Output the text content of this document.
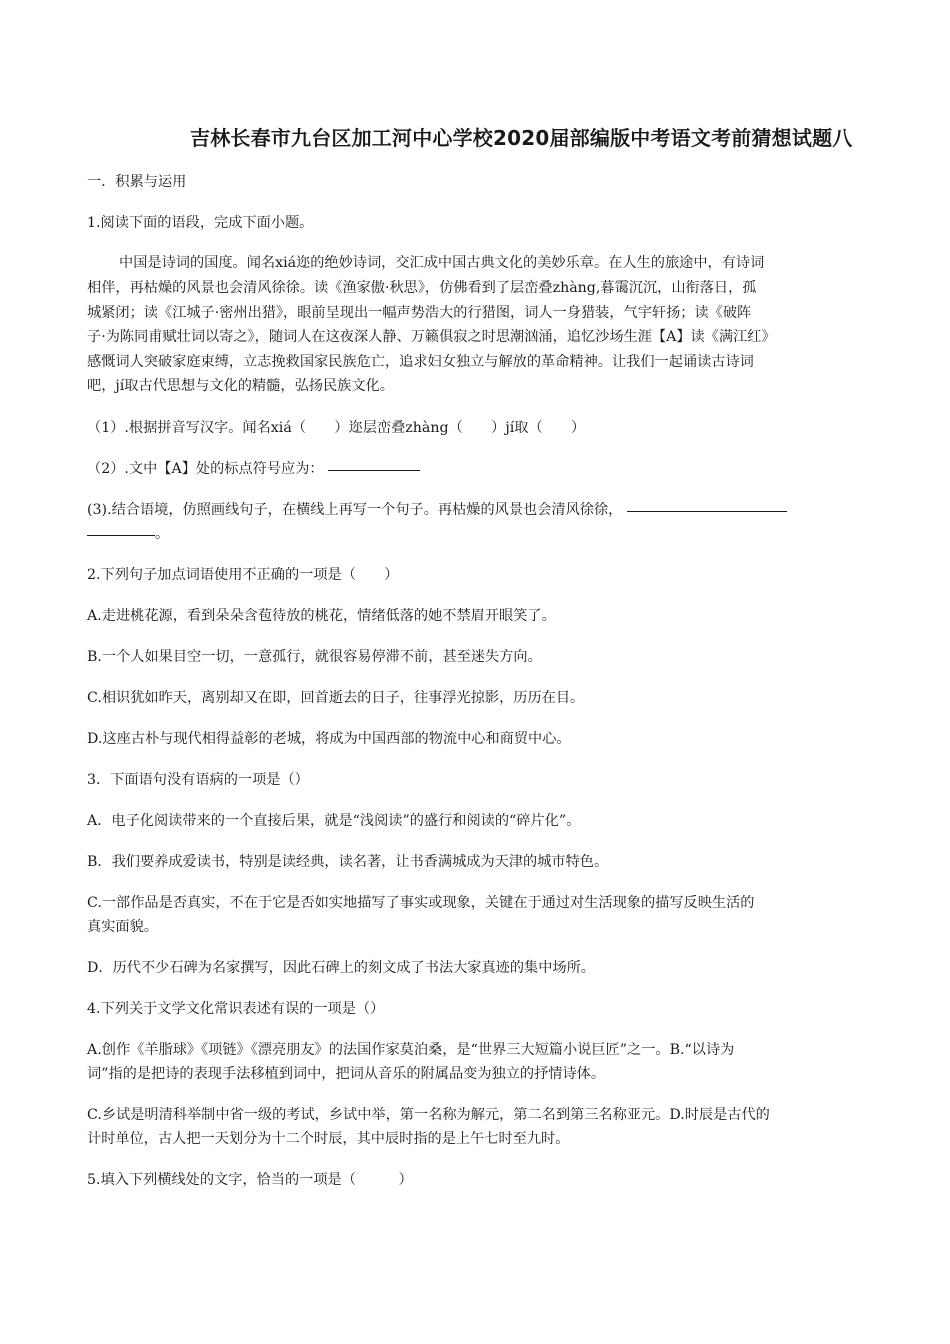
吉林长春市九台区加工河中心学校2020届部编版中考语文考前猜想试题八
一．积累与运用
1.阅读下面的语段，完成下面小题。
中国是诗词的国度。闻名xiá迩的绝妙诗词，交汇成中国古典文化的美妙乐章。在人生的旅途中，有诗词
相伴，再枯燥的风景也会清风徐徐。读《渔家傲·秋思》，仿佛看到了层峦叠zhàng,暮霭沉沉，山衔落日，孤
城紧闭；读《江城子·密州出猎》，眼前呈现出一幅声势浩大的行猎图，词人一身猎装，气宇轩扬；读《破阵
子·为陈同甫赋壮词以寄之》，随词人在这夜深人静、万籁俱寂之时思潮汹涌，追忆沙场生涯【A】读《满江红》
感慨词人突破家庭束缚，立志挽救国家民族危亡，追求妇女独立与解放的革命精神。让我们一起诵读古诗词
吧，jí取古代思想与文化的精髓，弘扬民族文化。
（1）.根据拼音写汉字。闻名xiá（　　）迩层峦叠zhàng（　　）jí取（　　）
（2）.文中【A】处的标点符号应为：
(3).结合语境，仿照画线句子，在横线上再写一个句子。再枯燥的风景也会清风徐徐，
。
2.下列句子加点词语使用不正确的一项是（　　）
A.走进桃花源，看到朵朵含苞待放的桃花，情绪低落的她不禁眉开眼笑了。
B.一个人如果目空一切，一意孤行，就很容易停滞不前，甚至迷失方向。
C.相识犹如昨天，离别却又在即，回首逝去的日子，往事浮光掠影，历历在目。
D.这座古朴与现代相得益彰的老城，将成为中国西部的物流中心和商贸中心。
3．下面语句没有语病的一项是（）
A．电子化阅读带来的一个直接后果，就是“浅阅读”的盛行和阅读的“碎片化”。
B．我们要养成爱读书，特别是读经典，读名著，让书香满城成为天津的城市特色。
C.一部作品是否真实，不在于它是否如实地描写了事实或现象，关键在于通过对生活现象的描写反映生活的
真实面貌。
D．历代不少石碑为名家撰写，因此石碑上的刻文成了书法大家真迹的集中场所。
4.下列关于文学文化常识表述有误的一项是（）
A.创作《羊脂球》《项链》《漂亮朋友》的法国作家莫泊桑，是“世界三大短篇小说巨匠”之一。B.“以诗为
词”指的是把诗的表现手法移植到词中，把词从音乐的附属品变为独立的抒情诗体。
C.乡试是明清科举制中省一级的考试，乡试中举，第一名称为解元，第二名到第三名称亚元。D.时辰是古代的
计时单位，古人把一天划分为十二个时辰，其中辰时指的是上午七时至九时。
5.填入下列横线处的文字，恰当的一项是（　　　）
